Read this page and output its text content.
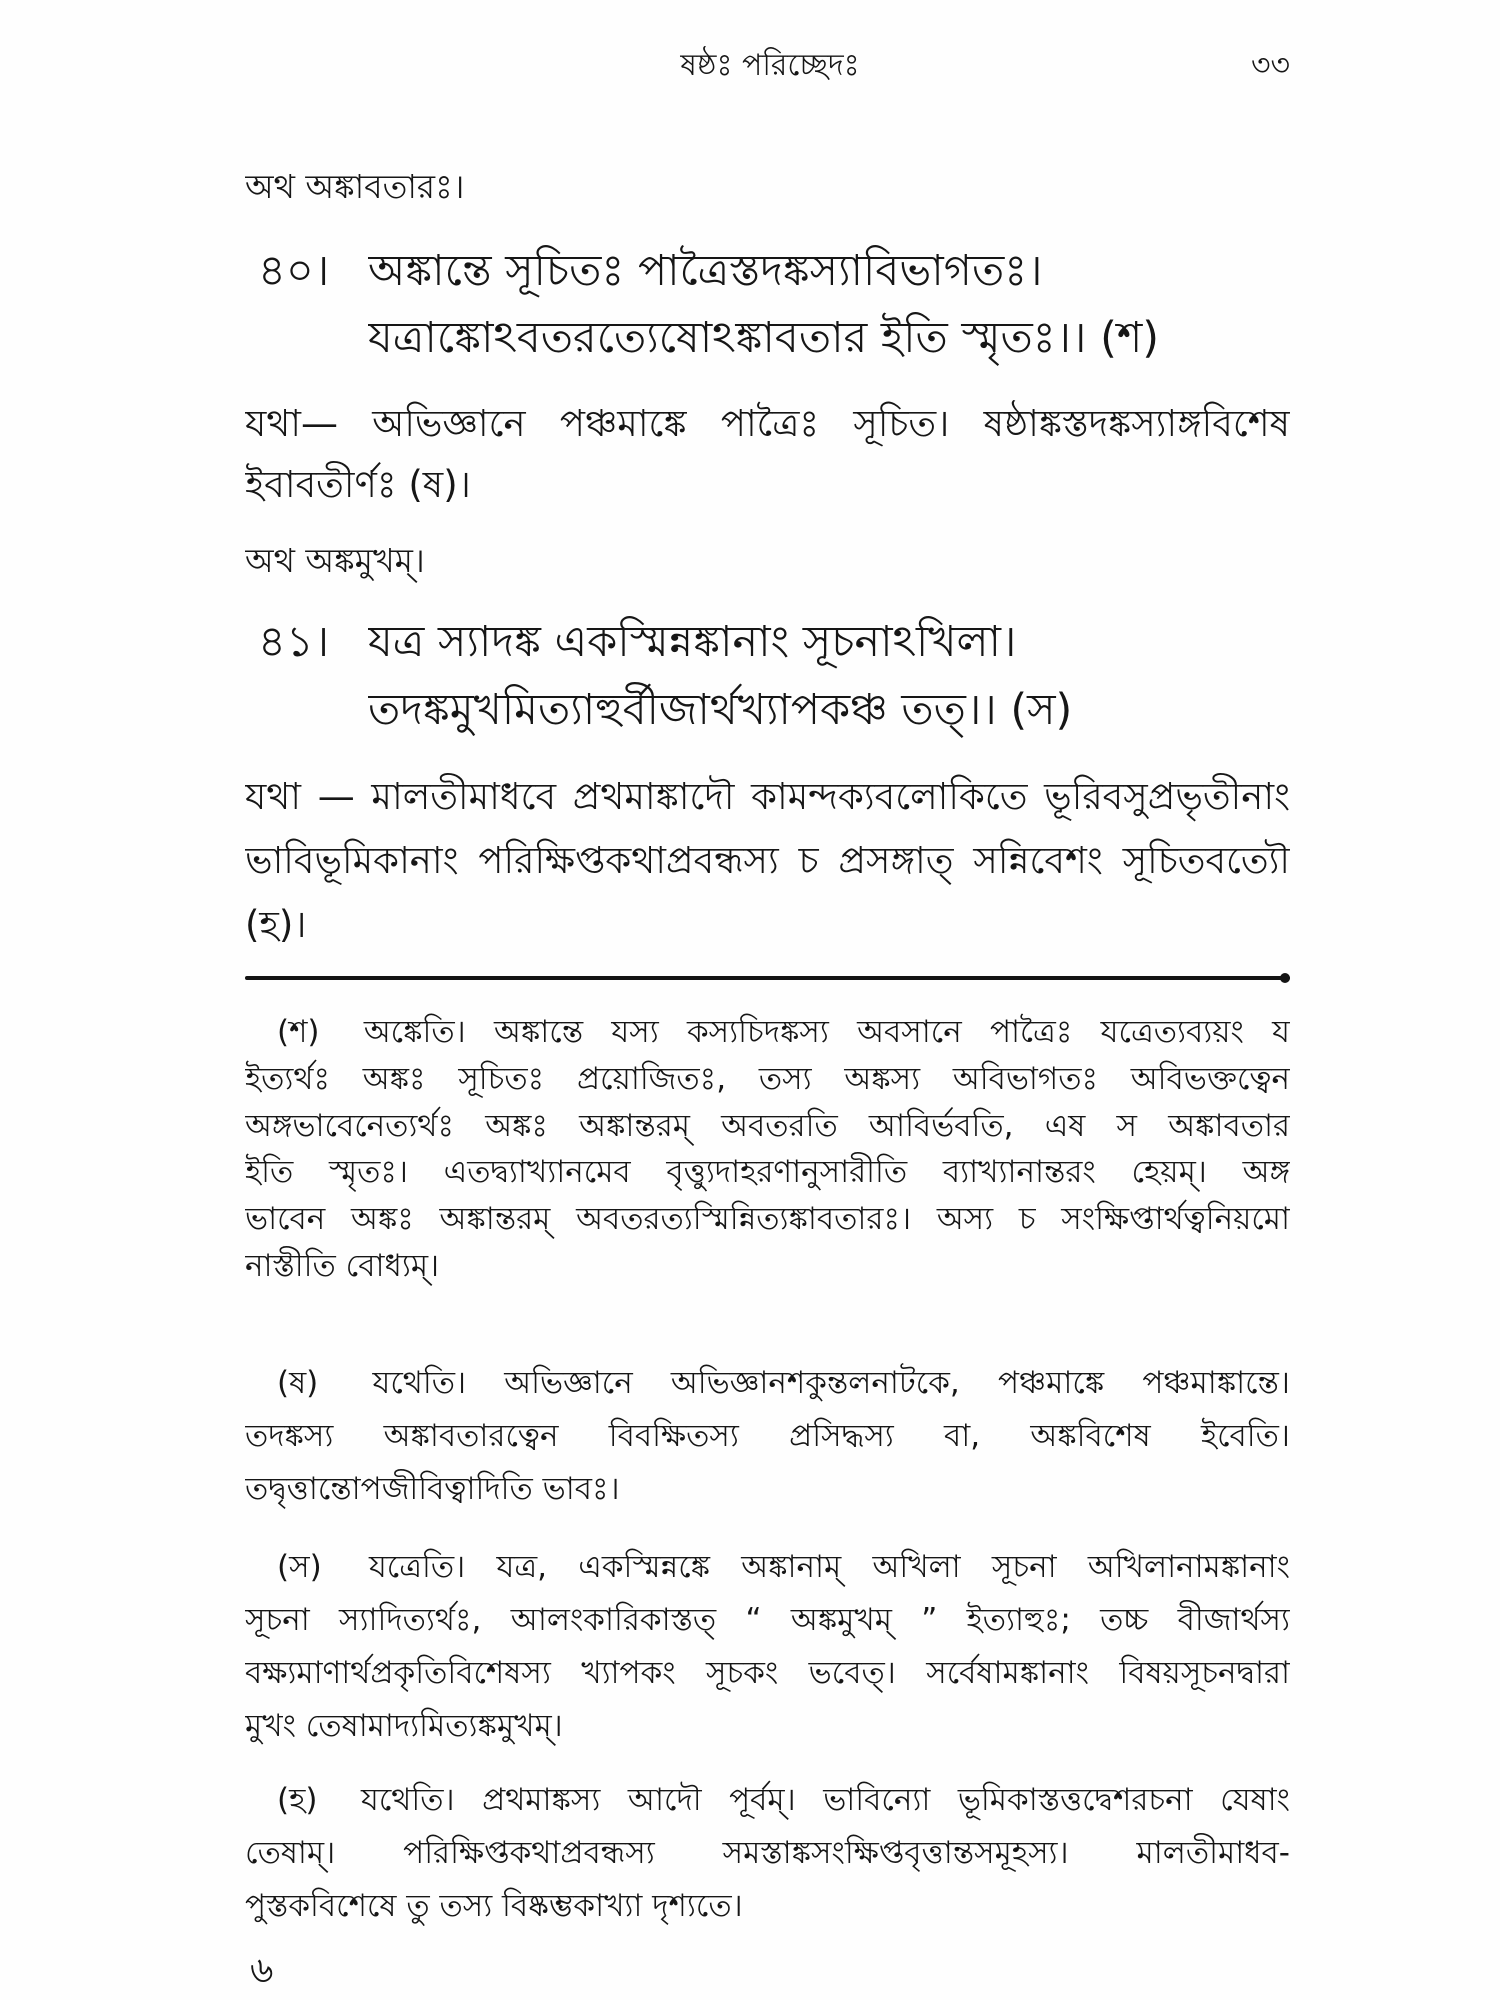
ষষ্ঠঃ পরিচ্ছেদঃ	৩৩
অথ অঙ্কাবতারঃ।
৪০। অঙ্কান্তে সূচিতঃ পাত্রৈস্তদঙ্কস্যাবিভাগতঃ।
যত্রাঙ্কোঽবতরত্যেষোঽঙ্কাবতার ইতি স্মৃতঃ।। (শ)
যথা— অভিজ্ঞানে পঞ্চমাঙ্কে পাত্রৈঃ সূচিত। ষষ্ঠাঙ্কস্তদঙ্কস্যাঙ্গবিশেষ
ইবাবতীর্ণঃ (ষ)।
অথ অঙ্কমুখম্।
৪১। যত্র স্যাদঙ্ক একস্মিন্নঙ্কানাং সূচনাঽখিলা।
তদঙ্কমুখমিত্যাহুর্বীজার্থখ্যাপকঞ্চ তত্।। (স)
যথা — মালতীমাধবে প্রথমাঙ্কাদৌ কামন্দক্যবলোকিতে ভূরিবসুপ্রভৃতীনাং
ভাবিভূমিকানাং পরিক্ষিপ্তকথাপ্রবন্ধস্য চ প্রসঙ্গাত্ সন্নিবেশং সূচিতবত্যৌ
(হ)।
(শ) অঙ্কেতি। অঙ্কান্তে যস্য কস্যচিদঙ্কস্য অবসানে পাত্রৈঃ যত্রেত্যব্যয়ং য
ইত্যর্থঃ অঙ্কঃ সূচিতঃ প্রয়োজিতঃ, তস্য অঙ্কস্য অবিভাগতঃ অবিভক্তত্বেন
অঙ্গভাবেনেত্যর্থঃ অঙ্কঃ অঙ্কান্তরম্ অবতরতি আবির্ভবতি, এষ স অঙ্কাবতার
ইতি স্মৃতঃ। এতদ্ব্যাখ্যানমেব বৃত্ত্যুদাহরণানুসারীতি ব্যাখ্যানান্তরং হেয়ম্। অঙ্গ
ভাবেন অঙ্কঃ অঙ্কান্তরম্ অবতরত্যস্মিন্নিত্যঙ্কাবতারঃ। অস্য চ সংক্ষিপ্তার্থত্বনিয়মো
নাস্তীতি বোধ্যম্।
(ষ) যথেতি। অভিজ্ঞানে অভিজ্ঞানশকুন্তলনাটকে, পঞ্চমাঙ্কে পঞ্চমাঙ্কান্তে।
তদঙ্কস্য অঙ্কাবতারত্বেন বিবক্ষিতস্য প্রসিদ্ধস্য বা, অঙ্কবিশেষ ইবেতি।
তদ্বৃত্তান্তোপজীবিত্বাদিতি ভাবঃ।
(স) যত্রেতি। যত্র, একস্মিন্নঙ্কে অঙ্কানাম্ অখিলা সূচনা অখিলানামঙ্কানাং
সূচনা স্যাদিত্যর্থঃ, আলংকারিকাস্তত্ “ অঙ্কমুখম্ ” ইত্যাহুঃ; তচ্চ বীজার্থস্য
বক্ষ্যমাণার্থপ্রকৃতিবিশেষস্য খ্যাপকং সূচকং ভবেত্। সর্বেষামঙ্কানাং বিষয়সূচনদ্বারা
মুখং তেষামাদ্যমিত্যঙ্কমুখম্।
(হ) যথেতি। প্রথমাঙ্কস্য আদৌ পূর্বম্। ভাবিন্যো ভূমিকাস্তত্তদ্বেশরচনা যেষাং
তেষাম্। পরিক্ষিপ্তকথাপ্রবন্ধস্য সমস্তাঙ্কসংক্ষিপ্তবৃত্তান্তসমূহস্য। মালতীমাধব-
পুস্তকবিশেষে তু তস্য বিষ্কম্ভকাখ্যা দৃশ্যতে।
৬
